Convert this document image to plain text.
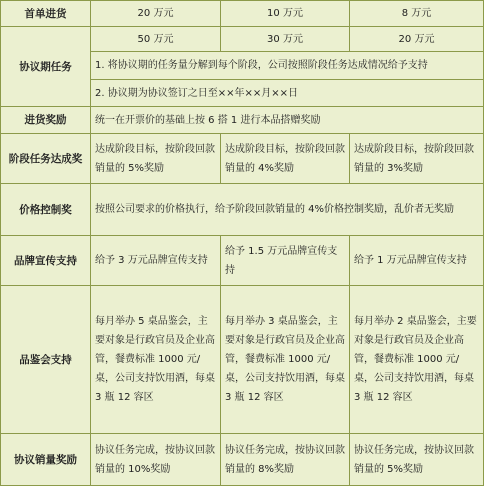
首单进货	20 万元	10 万元	8 万元
协议期任务	50 万元	30 万元	20 万元
	1. 将协议期的任务量分解到每个阶段，公司按照阶段任务达成情况给予支持		
	2. 协议期为协议签订之日至××年××月××日		
进货奖励	统一在开票价的基础上按 6 搭 1 进行本品搭赠奖励		
阶段任务达成奖	达成阶段目标，按阶段回款销量的 5%奖励	达成阶段目标，按阶段回款销量的 4%奖励	达成阶段目标，按阶段回款销量的 3%奖励
价格控制奖	按照公司要求的价格执行，给予阶段回款销量的 4%价格控制奖励，乱价者无奖励		
品牌宣传支持	给予 3 万元品牌宣传支持	给予 1.5 万元品牌宣传支持	给予 1 万元品牌宣传支持
品鉴会支持	每月举办 5 桌品鉴会，主要对象是行政官员及企业高管，餐费标准 1000 元/桌，公司支持饮用酒，每桌 3 瓶 12 容区	每月举办 3 桌品鉴会，主要对象是行政官员及企业高管，餐费标准 1000 元/桌，公司支持饮用酒，每桌 3 瓶 12 容区	每月举办 2 桌品鉴会，主要对象是行政官员及企业高管，餐费标准 1000 元/桌，公司支持饮用酒，每桌 3 瓶 12 容区
协议销量奖励	协议任务完成，按协议回款销量的 10%奖励	协议任务完成，按协议回款销量的 8%奖励	协议任务完成，按协议回款销量的 5%奖励
